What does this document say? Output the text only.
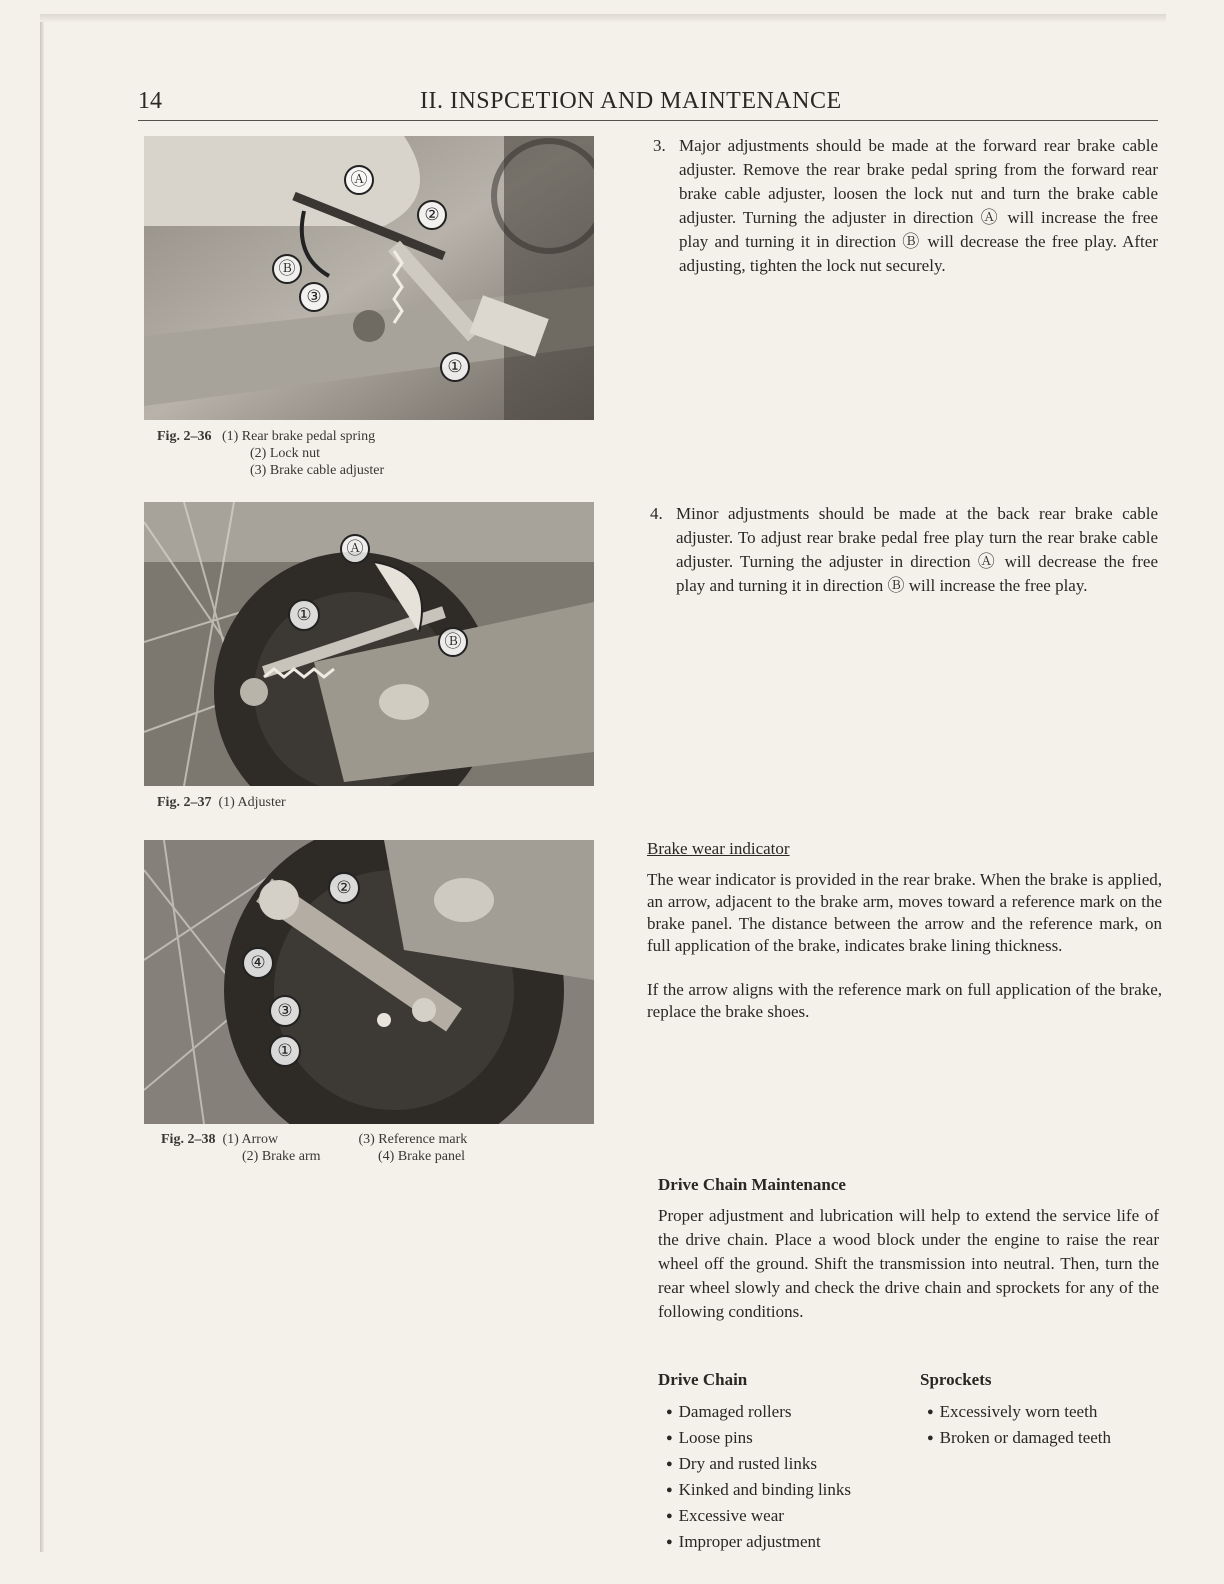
14	II. INSPCETION AND MAINTENANCE
Ⓐ
②
Ⓑ
③
①
Fig. 2–36 (1) Rear brake pedal spring
(2) Lock nut
(3) Brake cable adjuster
Ⓐ
①
Ⓑ
Fig. 2–37 (1) Adjuster
②
④
③
①
Fig. 2–38 (1) Arrow	(3) Reference mark
(2) Brake arm	(4) Brake panel
3. Major adjustments should be made at the forward rear brake cable adjuster. Remove the rear brake pedal spring from the forward rear brake cable adjuster, loosen the lock nut and turn the brake cable adjuster. Turning the adjuster in direction Ⓐ will increase the free play and turning it in direction Ⓑ will decrease the free play. After adjusting, tighten the lock nut securely.
4. Minor adjustments should be made at the back rear brake cable adjuster. To adjust rear brake pedal free play turn the rear brake cable adjuster. Turning the adjuster in direction Ⓐ will decrease the free play and turning it in direction Ⓑ will increase the free play.
Brake wear indicator
The wear indicator is provided in the rear brake. When the brake is applied, an arrow, adjacent to the brake arm, moves toward a reference mark on the brake panel. The distance between the arrow and the reference mark, on full application of the brake, indicates brake lining thickness.
If the arrow aligns with the reference mark on full application of the brake, replace the brake shoes.
Drive Chain Maintenance
Proper adjustment and lubrication will help to extend the service life of the drive chain. Place a wood block under the engine to raise the rear wheel off the ground. Shift the transmission into neutral. Then, turn the rear wheel slowly and check the drive chain and sprockets for any of the following conditions.
Drive Chain
● Damaged rollers
● Loose pins
● Dry and rusted links
● Kinked and binding links
● Excessive wear
● Improper adjustment
Sprockets
● Excessively worn teeth
● Broken or damaged teeth
